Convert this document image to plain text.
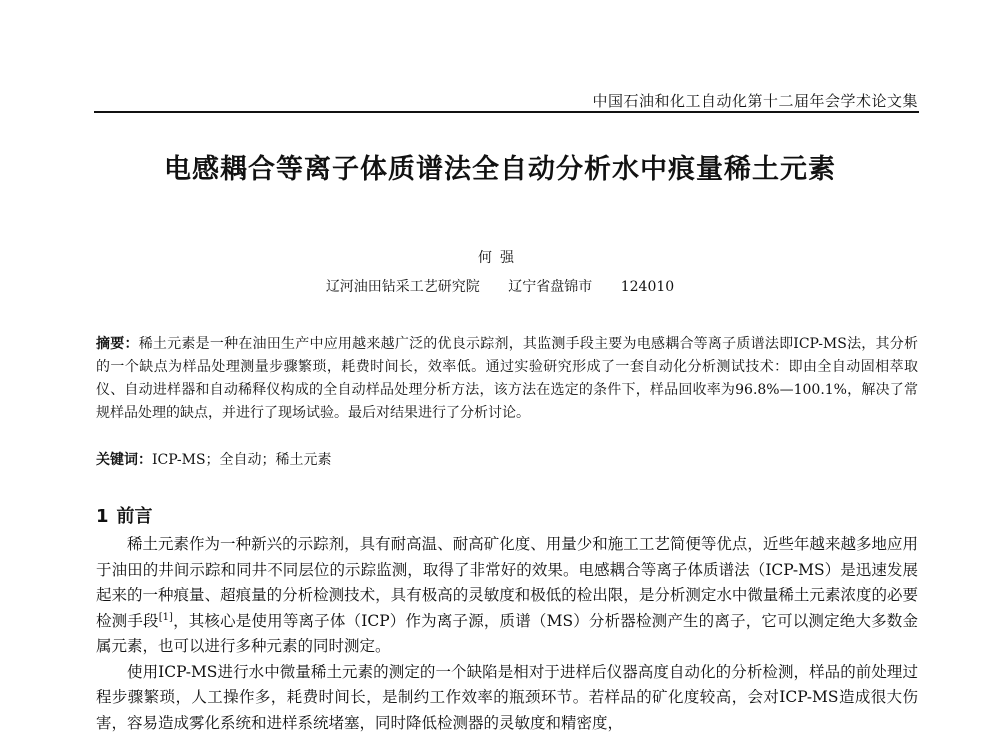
中国石油和化工自动化第十二届年会学术论文集
电感耦合等离子体质谱法全自动分析水中痕量稀土元素
何强
辽河油田钻采工艺研究院 辽宁省盘锦市 124010

摘要：稀土元素是一种在油田生产中应用越来越广泛的优良示踪剂，其监测手段主要为电感耦合等离子质谱法即ICP-MS法，其分析的一个缺点为样品处理测量步骤繁琐，耗费时间长，效率低。通过实验研究形成了一套自动化分析测试技术：即由全自动固相萃取仪、自动进样器和自动稀释仪构成的全自动样品处理分析方法，该方法在选定的条件下，样品回收率为96.8%—100.1%，解决了常规样品处理的缺点，并进行了现场试验。最后对结果进行了分析讨论。

关键词：ICP-MS；全自动；稀土元素
1 前言

稀土元素作为一种新兴的示踪剂，具有耐高温、耐高矿化度、用量少和施工工艺简便等优点，近些年越来越多地应用于油田的井间示踪和同井不同层位的示踪监测，取得了非常好的效果。电感耦合等离子体质谱法（ICP-MS）是迅速发展起来的一种痕量、超痕量的分析检测技术，具有极高的灵敏度和极低的检出限，是分析测定水中微量稀土元素浓度的必要检测手段[1]，其核心是使用等离子体（ICP）作为离子源，质谱（MS）分析器检测产生的离子，它可以测定绝大多数金属元素，也可以进行多种元素的同时测定。

使用ICP-MS进行水中微量稀土元素的测定的一个缺陷是相对于进样后仪器高度自动化的分析检测，样品的前处理过程步骤繁琐，人工操作多，耗费时间长，是制约工作效率的瓶颈环节。若样品的矿化度较高，会对ICP-MS造成很大伤害，容易造成雾化系统和进样系统堵塞，同时降低检测器的灵敏度和精密度，
